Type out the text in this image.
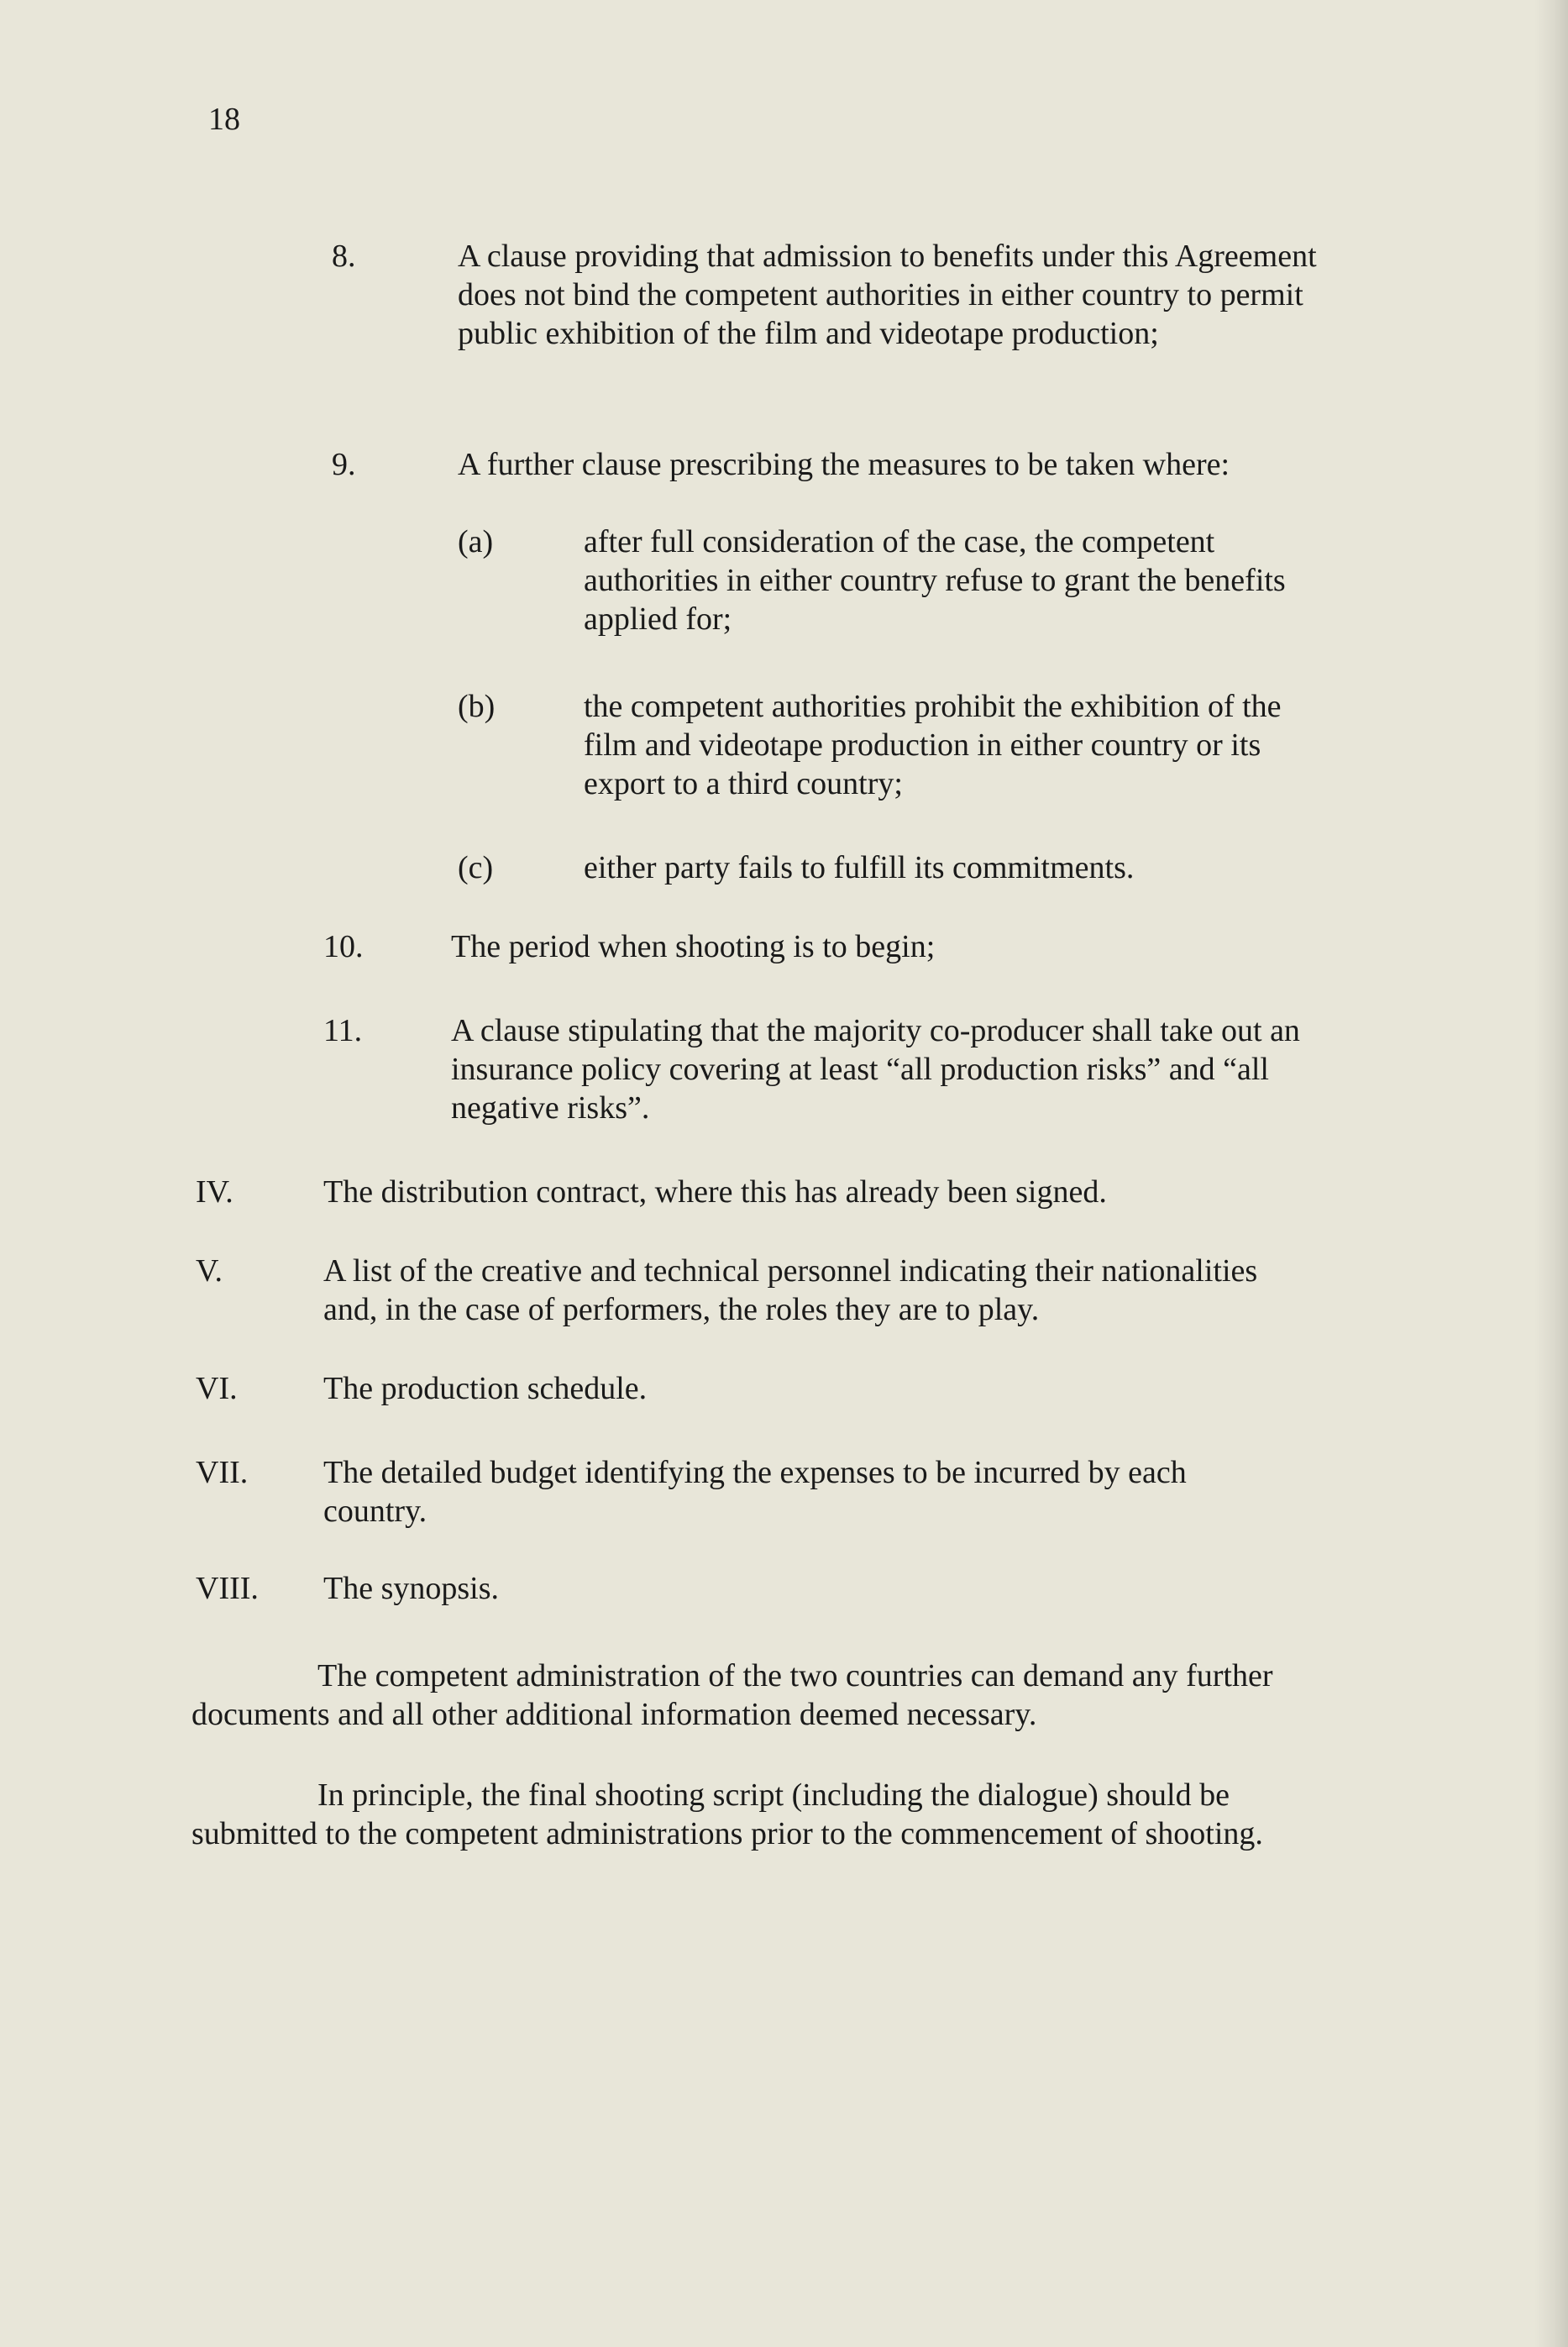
18
8.	A clause providing that admission to benefits under this Agreement does not bind the competent authorities in either country to permit public exhibition of the film and videotape production;
9.	A further clause prescribing the measures to be taken where:
(a)	after full consideration of the case, the competent authorities in either country refuse to grant the benefits applied for;
(b)	the competent authorities prohibit the exhibition of the film and videotape production in either country or its export to a third country;
(c)	either party fails to fulfill its commitments.
10.	The period when shooting is to begin;
11.	A clause stipulating that the majority co-producer shall take out an insurance policy covering at least “all production risks” and “all negative risks”.
IV.	The distribution contract, where this has already been signed.
V.	A list of the creative and technical personnel indicating their nationalities and, in the case of performers, the roles they are to play.
VI.	The production schedule.
VII. The detailed budget identifying the expenses to be incurred by each country.
VIII. The synopsis.
The competent administration of the two countries can demand any further documents and all other additional information deemed necessary.
In principle, the final shooting script (including the dialogue) should be submitted to the competent administrations prior to the commencement of shooting.
